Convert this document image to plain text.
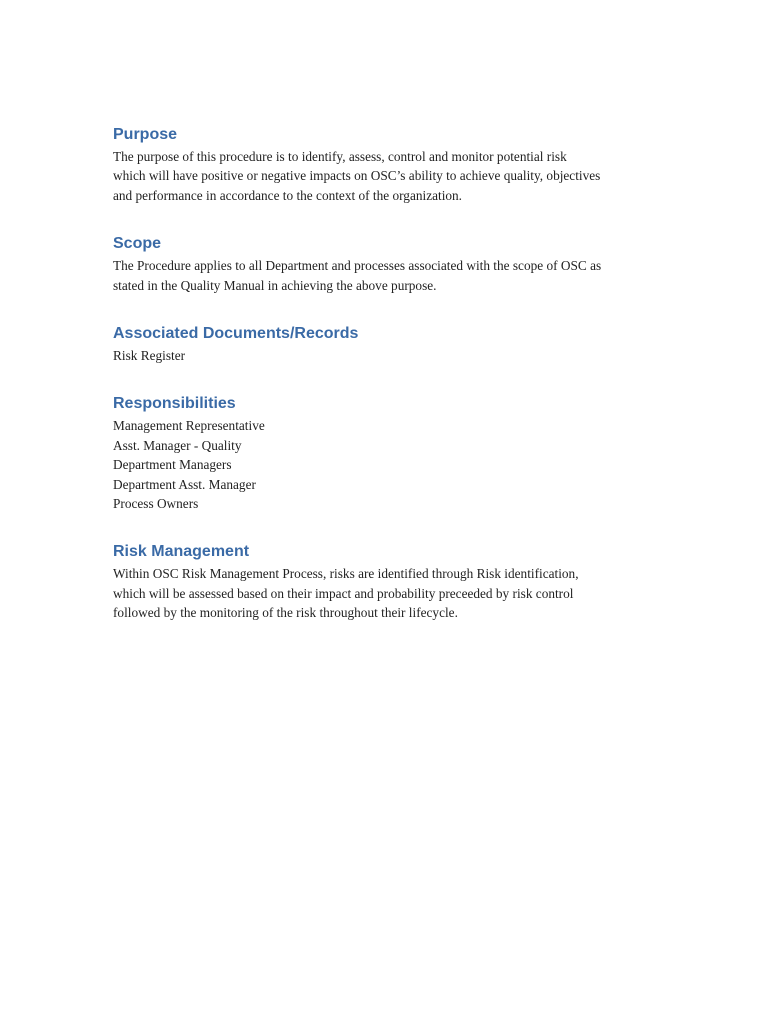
Purpose
The purpose of this procedure is to identify, assess, control and monitor potential risk
which will have positive or negative impacts on OSC’s ability to achieve quality, objectives
and performance in accordance to the context of the organization.
Scope
The Procedure applies to all Department and processes associated with the scope of OSC as
stated in the Quality Manual in achieving the above purpose.
Associated Documents/Records
Risk Register
Responsibilities
Management Representative
Asst. Manager - Quality
Department Managers
Department Asst. Manager
Process Owners
Risk Management
Within OSC Risk Management Process, risks are identified through Risk identification,
which will be assessed based on their impact and probability preceeded by risk control
followed by the monitoring of the risk throughout their lifecycle.
